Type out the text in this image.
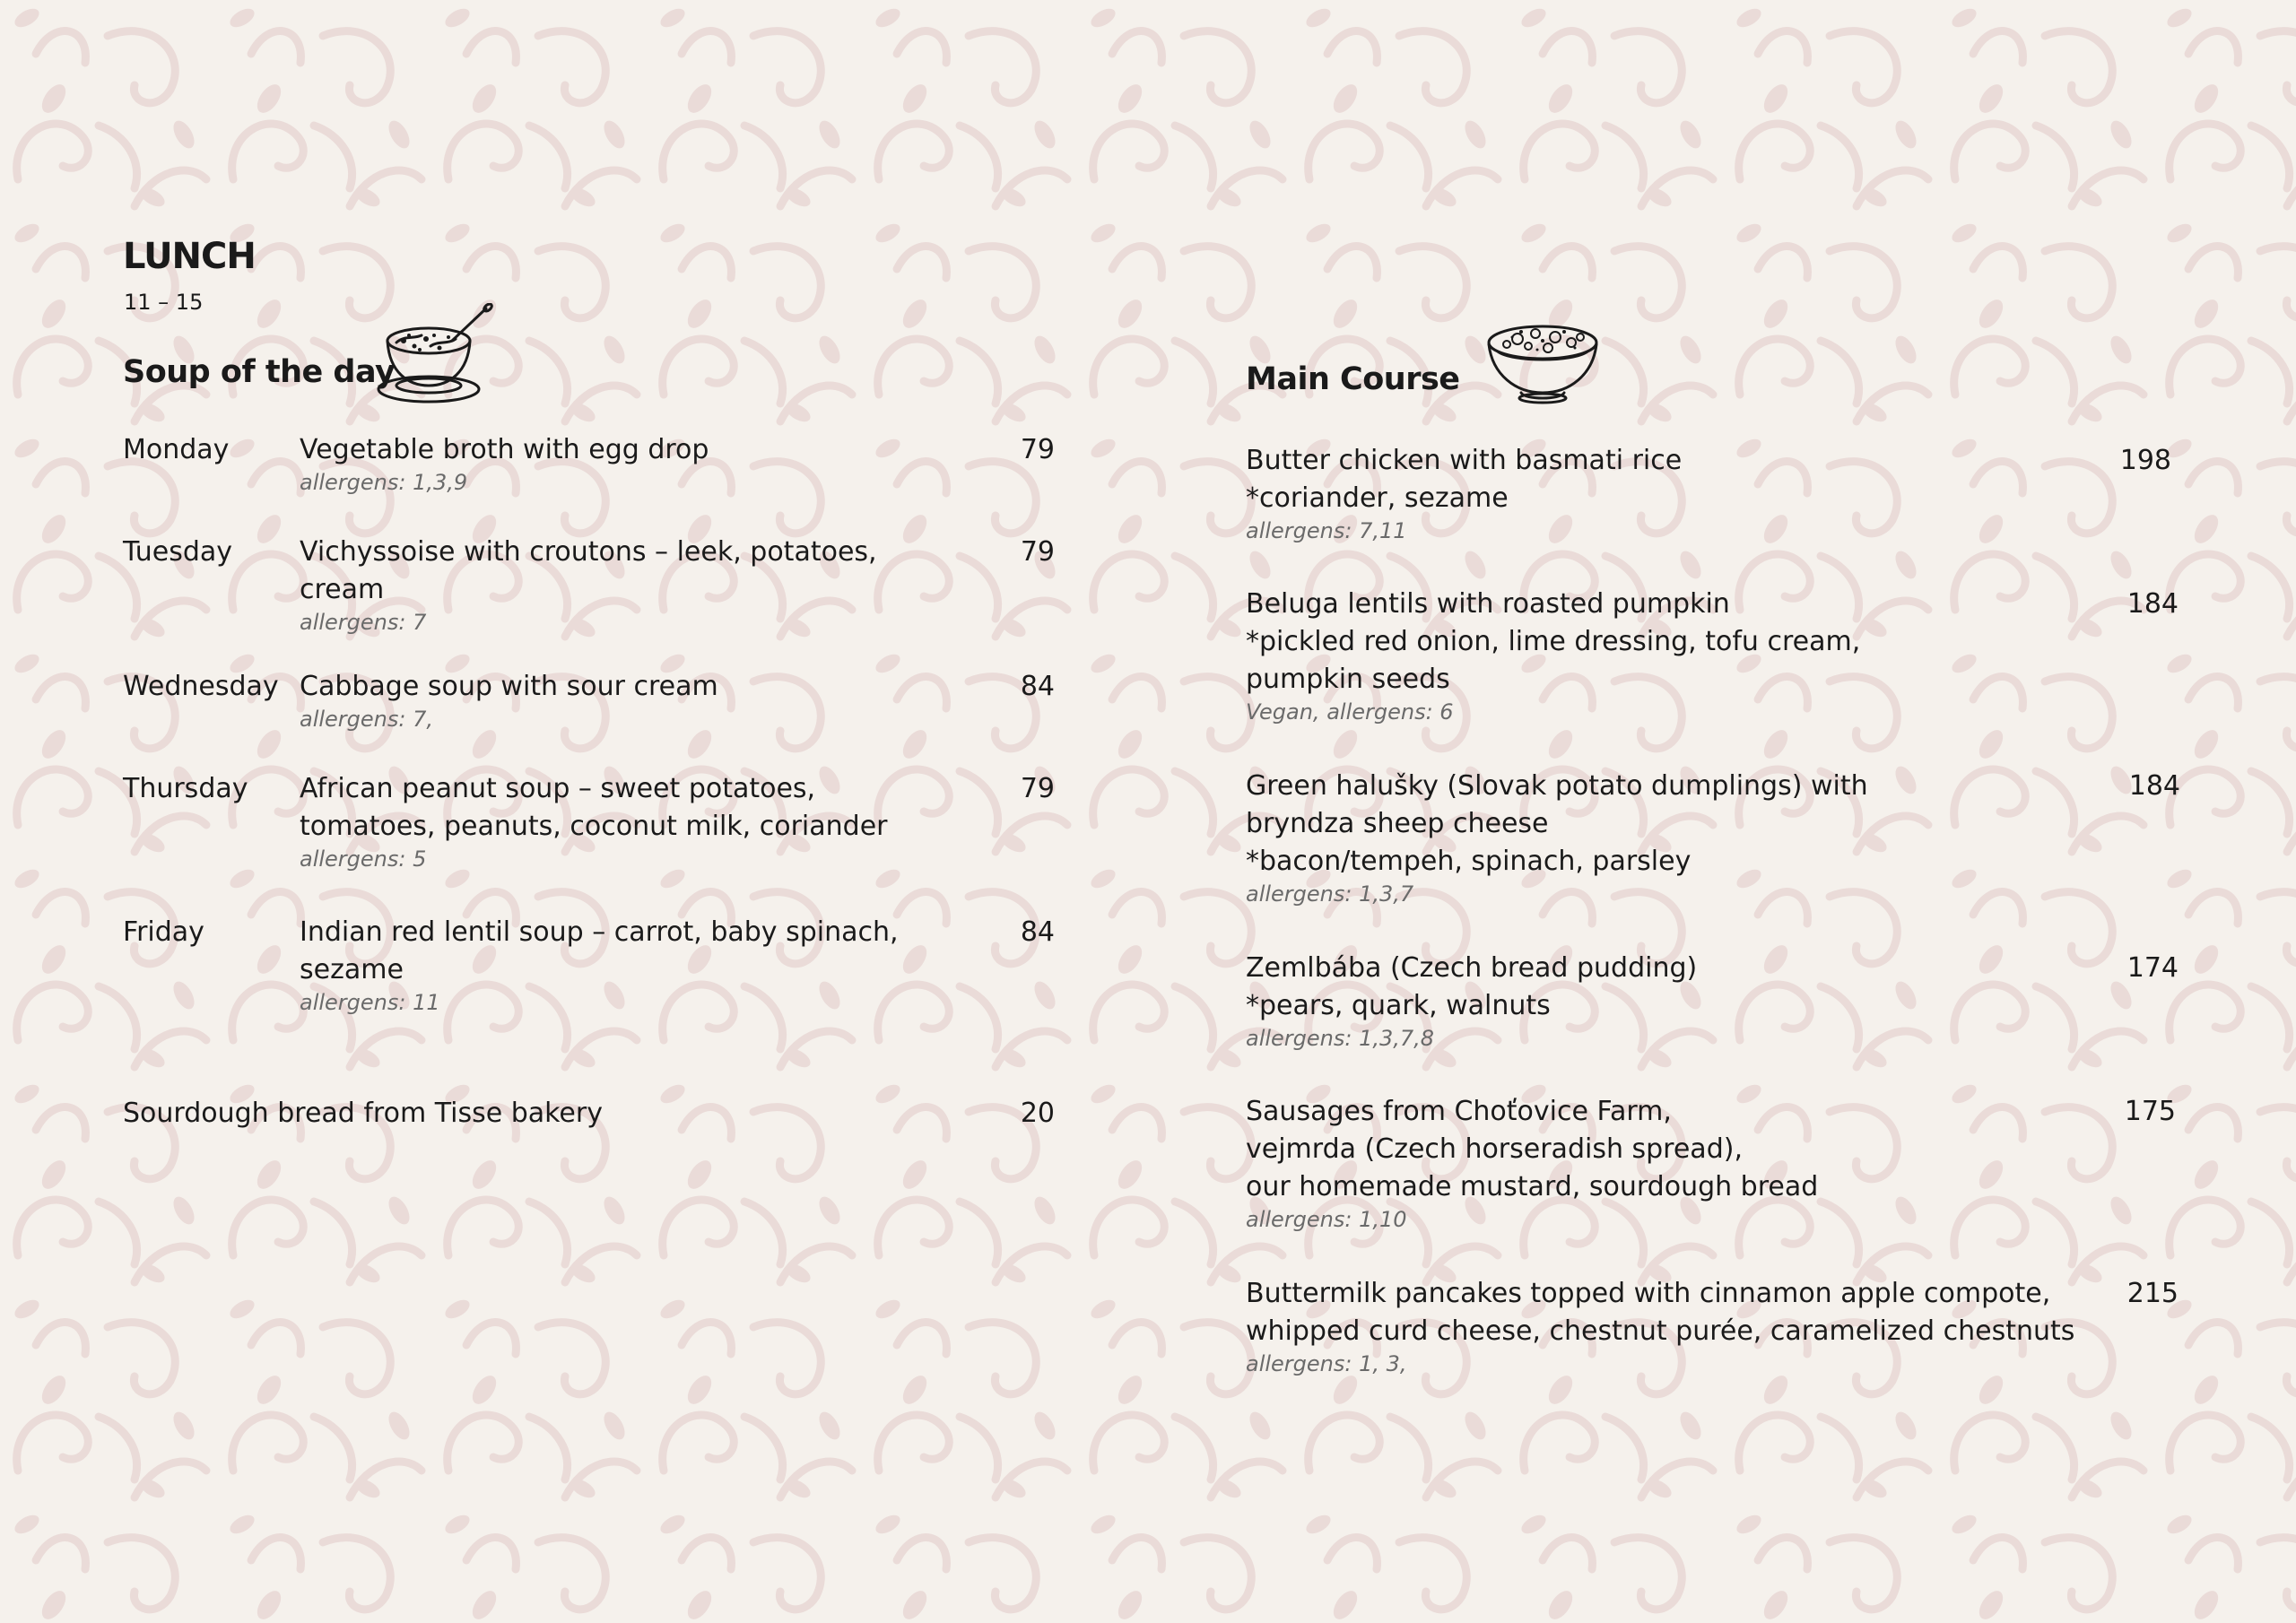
LUNCH
11 – 15
Soup of the day
Monday	Vegetable broth with egg drop
allergens: 1,3,9
79
Tuesday	Vichyssoise with croutons – leek, potatoes,
cream
allergens: 7
79
Wednesday Cabbage soup with sour cream
allergens: 7,
84
Thursday	African peanut soup – sweet potatoes,
tomatoes, peanuts, coconut milk, coriander
allergens: 5
79
Friday	Indian red lentil soup – carrot, baby spinach,
sezame
allergens: 11
84
Sourdough bread from Tisse bakery	20
Main Course
Butter chicken with basmati rice
*coriander, sezame
allergens: 7,11
198
Beluga lentils with roasted pumpkin
*pickled red onion, lime dressing, tofu cream,
pumpkin seeds
Vegan, allergens: 6
184
Green halušky (Slovak potato dumplings) with
bryndza sheep cheese
*bacon/tempeh, spinach, parsley
allergens: 1,3,7
184
Zemlbába (Czech bread pudding)
*pears, quark, walnuts
allergens: 1,3,7,8
174
Sausages from Choťovice Farm,
vejmrda (Czech horseradish spread),
our homemade mustard, sourdough bread
allergens: 1,10
175
Buttermilk pancakes topped with cinnamon apple compote,
whipped curd cheese, chestnut purée, caramelized chestnuts
allergens: 1, 3,
215
